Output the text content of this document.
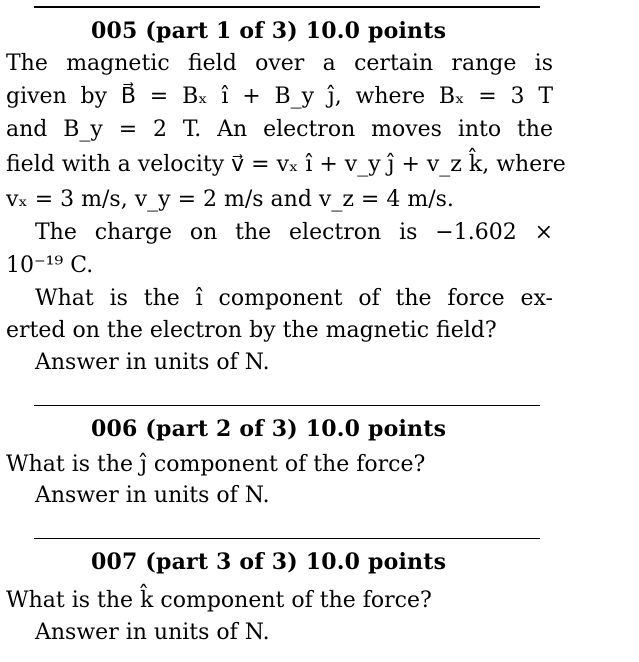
005 (part 1 of 3) 10.0 points
The magnetic field over a certain range is
given by B⃗ = Bₓ î + B_y ĵ, where Bₓ = 3 T
and B_y = 2 T. An electron moves into the
field with a velocity v⃗ = vₓ î + v_y ĵ + v_z k̂, where
vₓ = 3 m/s, v_y = 2 m/s and v_z = 4 m/s.
The charge on the electron is −1.602 ×
10⁻¹⁹ C.
What is the î component of the force ex-
erted on the electron by the magnetic field?
Answer in units of N.
006 (part 2 of 3) 10.0 points
What is the ĵ component of the force?
Answer in units of N.
007 (part 3 of 3) 10.0 points
What is the k̂ component of the force?
Answer in units of N.
